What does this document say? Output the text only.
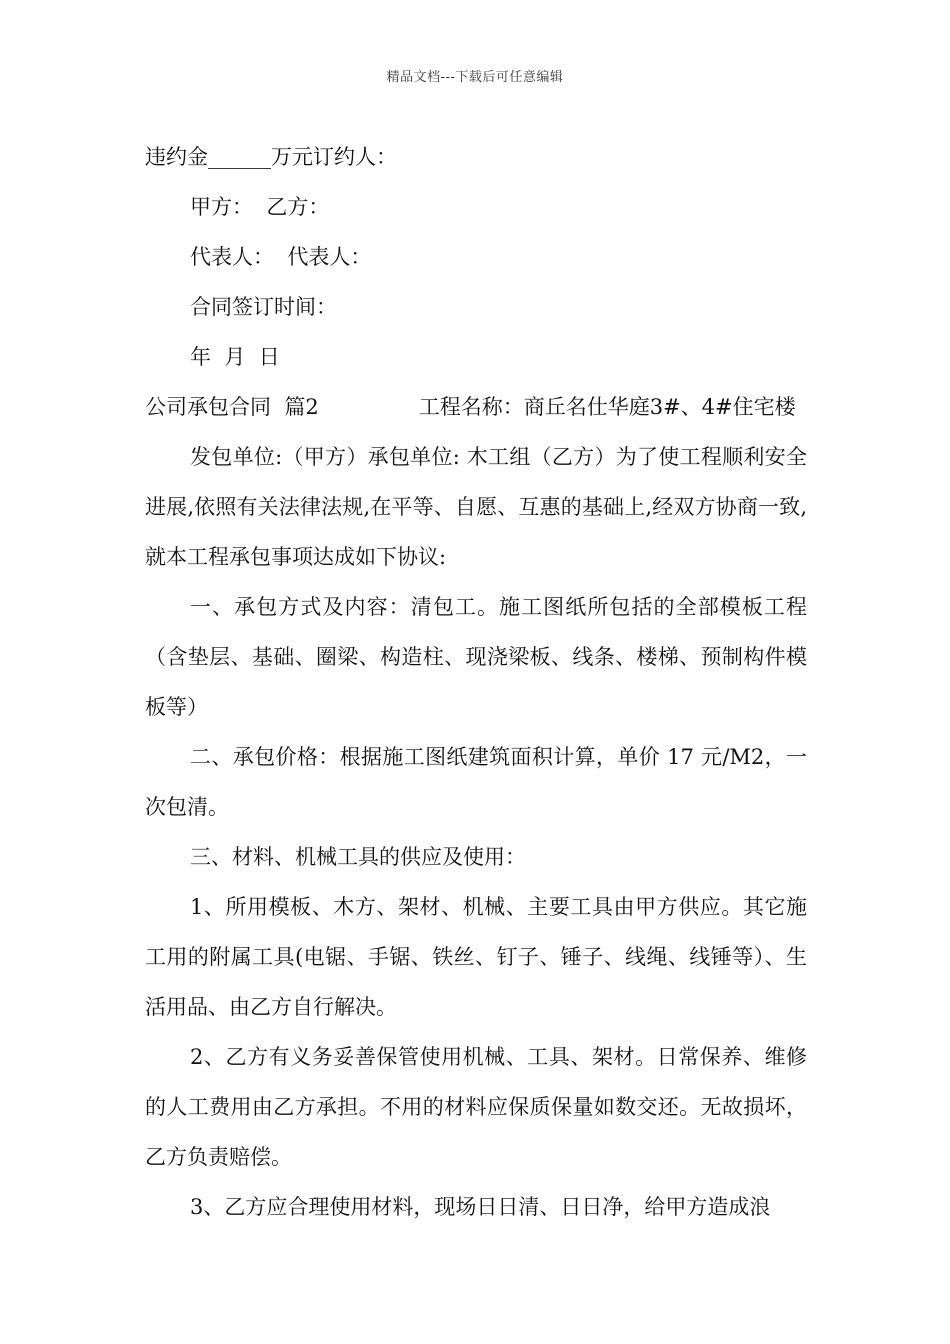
精品文档---下载后可任意编辑
违约金______万元订约人：
甲方：  乙方：
代表人：  代表人：
合同签订时间：
年  月  日
公司承包合同  篇2	工程名称：商丘名仕华庭3#、4#住宅楼
发包单位:（甲方）承包单位: 木工组（乙方）为了使工程顺利安全进展,依照有关法律法规,在平等、自愿、互惠的基础上,经双方协商一致,就本工程承包事项达成如下协议:
一、承包方式及内容：清包工。施工图纸所包括的全部模板工程（含垫层、基础、圈梁、构造柱、现浇梁板、线条、楼梯、预制构件模板等）
二、承包价格：根据施工图纸建筑面积计算，单价 17 元/M2，一次包清。
三、材料、机械工具的供应及使用：
1、所用模板、木方、架材、机械、主要工具由甲方供应。其它施工用的附属工具(电锯、手锯、铁丝、钉子、锤子、线绳、线锤等）、生活用品、由乙方自行解决。
2、乙方有义务妥善保管使用机械、工具、架材。日常保养、维修的人工费用由乙方承担。不用的材料应保质保量如数交还。无故损坏，乙方负责赔偿。
3、乙方应合理使用材料，现场日日清、日日净，给甲方造成浪
